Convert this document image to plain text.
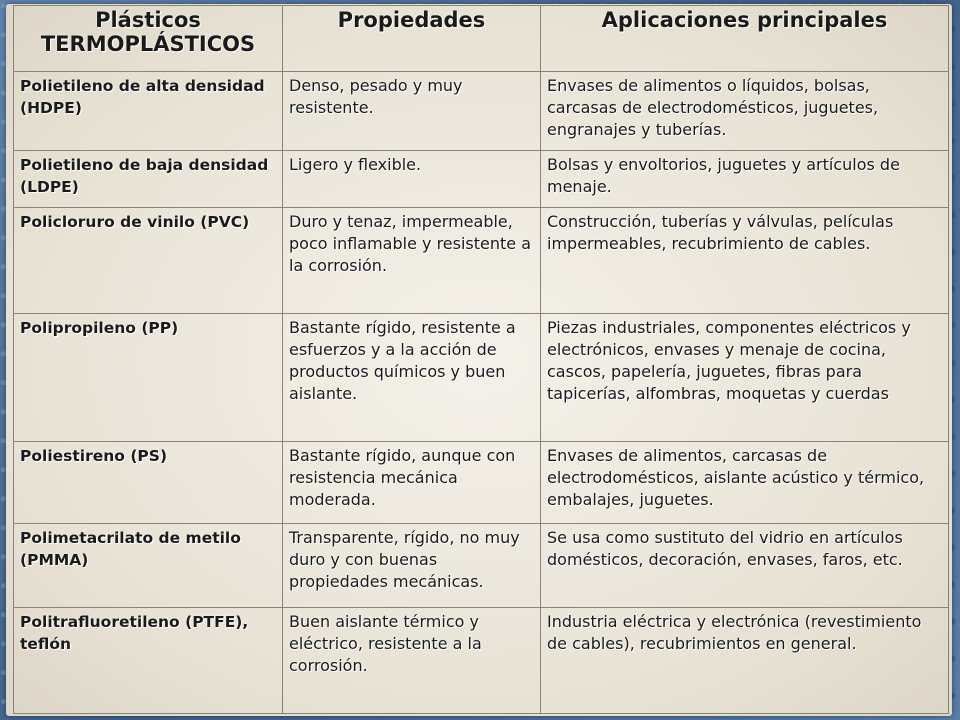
Plásticos TERMOPLÁSTICOS	Propiedades	Aplicaciones principales
Polietileno de alta densidad (HDPE)	Denso, pesado y muy resistente.	Envases de alimentos o líquidos, bolsas, carcasas de electrodomésticos, juguetes, engranajes y tuberías.
Polietileno de baja densidad (LDPE)	Ligero y flexible.	Bolsas y envoltorios, juguetes y artículos de menaje.
Policloruro de vinilo (PVC)	Duro y tenaz, impermeable, poco inflamable y resistente a la corrosión.	Construcción, tuberías y válvulas, películas impermeables, recubrimiento de cables.
Polipropileno (PP)	Bastante rígido, resistente a esfuerzos y a la acción de productos químicos y buen aislante.	Piezas industriales, componentes eléctricos y electrónicos, envases y menaje de cocina, cascos, papelería, juguetes, fibras para tapicerías, alfombras, moquetas y cuerdas
Poliestireno (PS)	Bastante rígido, aunque con resistencia mecánica moderada.	Envases de alimentos, carcasas de electrodomésticos, aislante acústico y térmico, embalajes, juguetes.
Polimetacrilato de metilo (PMMA)	Transparente, rígido, no muy duro y con buenas propiedades mecánicas.	Se usa como sustituto del vidrio en artículos domésticos, decoración, envases, faros, etc.
Politrafluoretileno (PTFE), teflón	Buen aislante térmico y eléctrico, resistente a la corrosión.	Industria eléctrica y electrónica (revestimiento de cables), recubrimientos en general.
